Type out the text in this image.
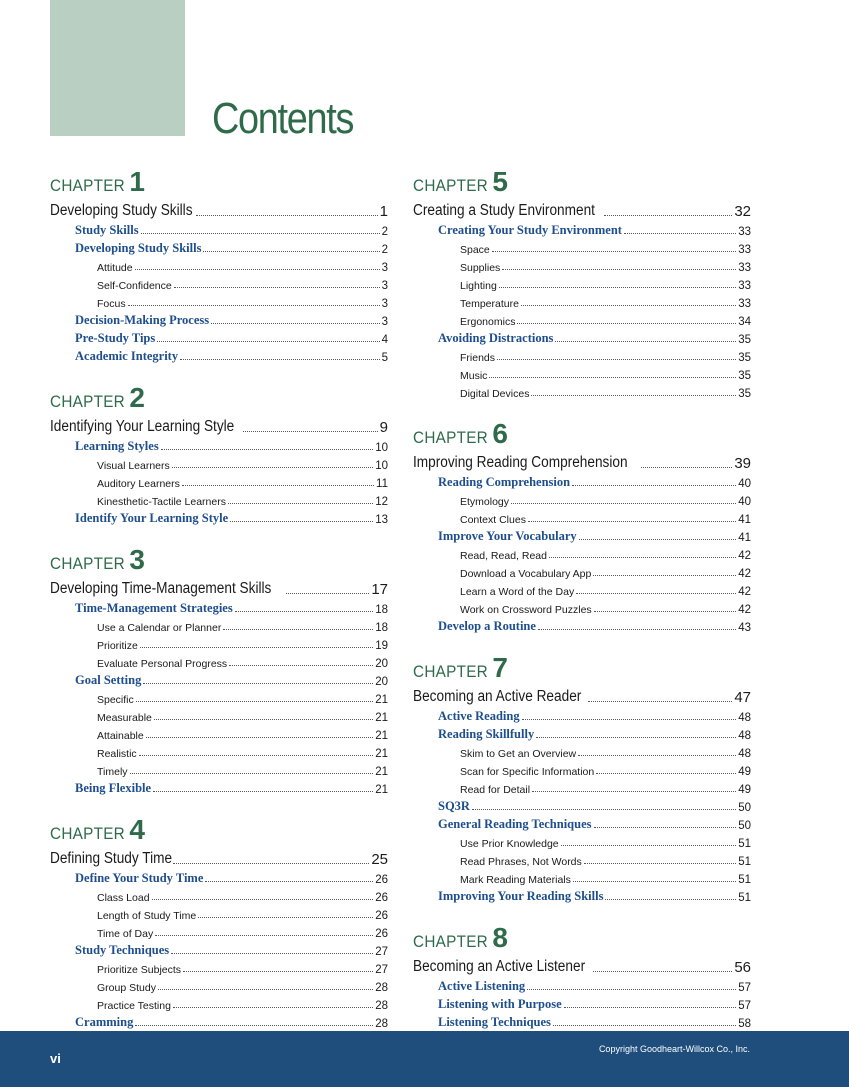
Contents
CHAPTER 1
Developing Study Skills	1
Study Skills	2
Developing Study Skills	2
Attitude	3
Self-Confidence	3
Focus	3
Decision-Making Process	3
Pre-Study Tips	4
Academic Integrity	5
CHAPTER 2
Identifying Your Learning Style	9
Learning Styles	10
Visual Learners	10
Auditory Learners	11
Kinesthetic-Tactile Learners	12
Identify Your Learning Style	13
CHAPTER 3
Developing Time-Management Skills	17
Time-Management Strategies	18
Use a Calendar or Planner	18
Prioritize	19
Evaluate Personal Progress	20
Goal Setting	20
Specific	21
Measurable	21
Attainable	21
Realistic	21
Timely	21
Being Flexible	21
CHAPTER 4
Defining Study Time	25
Define Your Study Time	26
Class Load	26
Length of Study Time	26
Time of Day	26
Study Techniques	27
Prioritize Subjects	27
Group Study	28
Practice Testing	28
Cramming	28
CHAPTER 5
Creating a Study Environment	32
Creating Your Study Environment	33
Space	33
Supplies	33
Lighting	33
Temperature	33
Ergonomics	34
Avoiding Distractions	35
Friends	35
Music	35
Digital Devices	35
CHAPTER 6
Improving Reading Comprehension	39
Reading Comprehension	40
Etymology	40
Context Clues	41
Improve Your Vocabulary	41
Read, Read, Read	42
Download a Vocabulary App	42
Learn a Word of the Day	42
Work on Crossword Puzzles	42
Develop a Routine	43
CHAPTER 7
Becoming an Active Reader	47
Active Reading	48
Reading Skillfully	48
Skim to Get an Overview	48
Scan for Specific Information	49
Read for Detail	49
SQ3R	50
General Reading Techniques	50
Use Prior Knowledge	51
Read Phrases, Not Words	51
Mark Reading Materials	51
Improving Your Reading Skills	51
CHAPTER 8
Becoming an Active Listener	56
Active Listening	57
Listening with Purpose	57
Listening Techniques	58
vi
Copyright Goodheart-Willcox Co., Inc.
